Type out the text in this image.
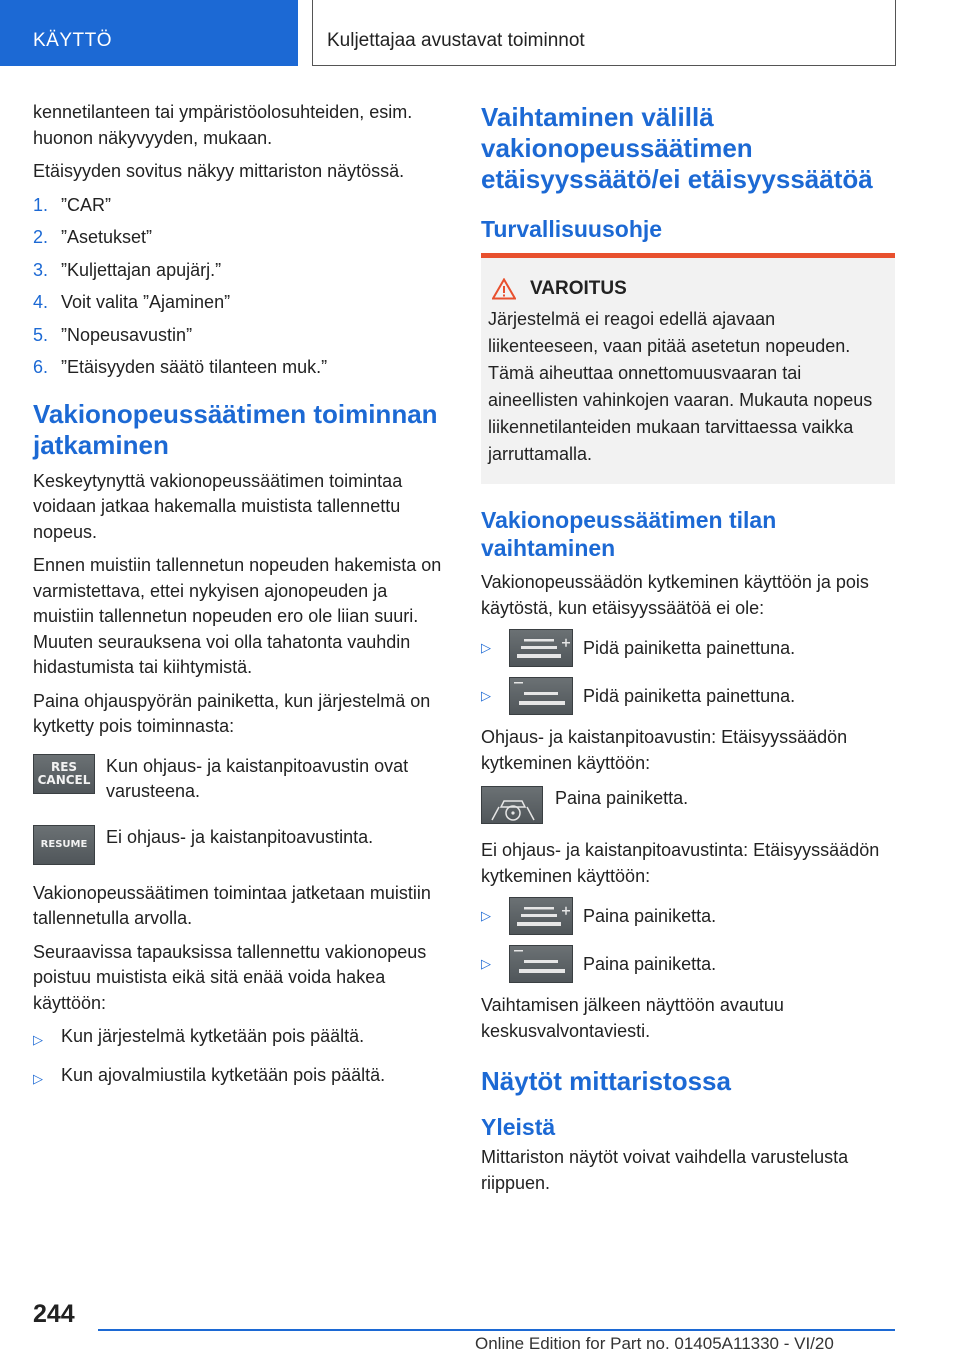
KÄYTTÖ	Kuljettajaa avustavat toiminnot

kennetilanteen tai ympäristöolosuhteiden, esim. huonon näkyvyyden, mukaan.

Etäisyyden sovitus näkyy mittariston näytössä.

1. ”CAR”
2. ”Asetukset”
3. ”Kuljettajan apujärj.”
4. Voit valita ”Ajaminen”
5. ”Nopeusavustin”
6. ”Etäisyyden säätö tilanteen muk.”
Vakionopeussäätimen toiminnan jatkaminen

Keskeytynyttä vakionopeussäätimen toimintaa voidaan jatkaa hakemalla muistista tallennettu nopeus.

Ennen muistiin tallennetun nopeuden hakemista on varmistettava, ettei nykyisen ajonopeuden ja muistiin tallennetun nopeuden ero ole liian suuri. Muuten seurauksena voi olla tahatonta vauhdin hidastumista tai kiihtymistä.

Paina ohjauspyörän painiketta, kun järjestelmä on kytketty pois toiminnasta:

RES
CANCEL
Kun ohjaus- ja kaistanpitoavustin ovat varusteena.
RESUME Ei ohjaus- ja kaistanpitoavustinta.

Vakionopeussäätimen toimintaa jatketaan muistiin tallennetulla arvolla.

Seuraavissa tapauksissa tallennettu vakionopeus poistuu muistista eikä sitä enää voida hakea käyttöön:

▷	Kun järjestelmä kytketään pois päältä.
▷	Kun ajovalmiustila kytketään pois päältä.
Vaihtaminen välillä vakionopeussäätimen etäisyyssäätö/ei etäisyyssäätöä
Turvallisuusohje
VAROITUS

Järjestelmä ei reagoi edellä ajavaan liikenteeseen, vaan pitää asetetun nopeuden. Tämä aiheuttaa onnettomuusvaaran tai aineellisten vahinkojen vaaran. Mukauta nopeus liikennetilanteiden mukaan tarvittaessa vaikka jarruttamalla.

Vakionopeussäätimen tilan vaihtaminen

Vakionopeussäädön kytkeminen käyttöön ja pois käytöstä, kun etäisyyssäätöä ei ole:

▷	Pidä painiketta painettuna.
▷	Pidä painiketta painettuna.

Ohjaus- ja kaistanpitoavustin: Etäisyyssäädön kytkeminen käyttöön:

Paina painiketta.

Ei ohjaus- ja kaistanpitoavustinta: Etäisyyssäädön kytkeminen käyttöön:

▷	Paina painiketta.
▷	Paina painiketta.

Vaihtamisen jälkeen näyttöön avautuu keskusvalvontaviesti.

Näytöt mittaristossa
Yleistä

Mittariston näytöt voivat vaihdella varustelusta riippuen.

244
Online Edition for Part no. 01405A11330 - VI/20
